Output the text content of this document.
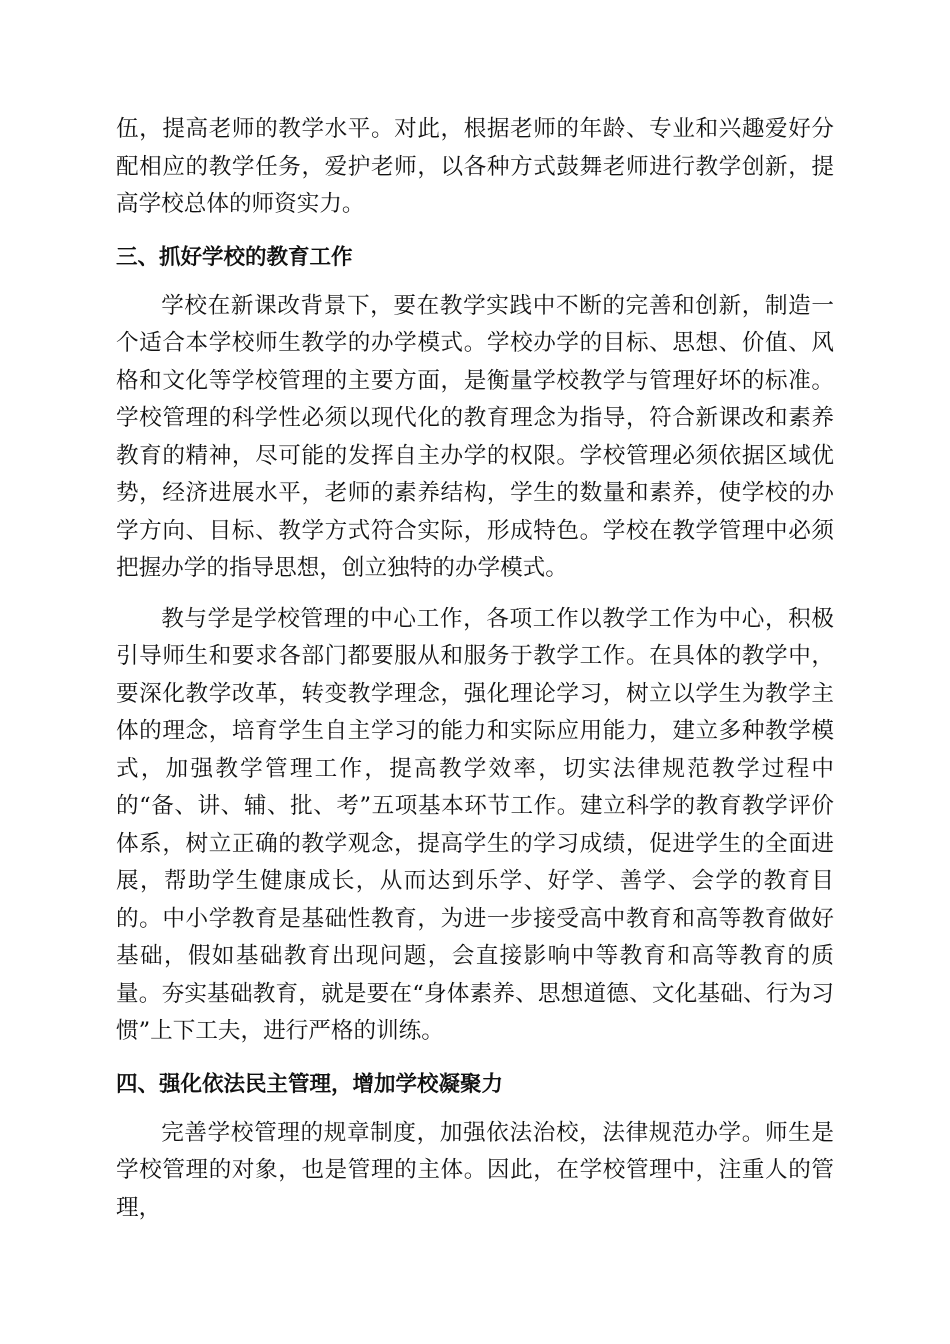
伍，提高老师的教学水平。对此，根据老师的年龄、专业和兴趣爱好分配相应的教学任务，爱护老师，以各种方式鼓舞老师进行教学创新，提高学校总体的师资实力。

三、抓好学校的教育工作

学校在新课改背景下，要在教学实践中不断的完善和创新，制造一个适合本学校师生教学的办学模式。学校办学的目标、思想、价值、风格和文化等学校管理的主要方面，是衡量学校教学与管理好坏的标准。学校管理的科学性必须以现代化的教育理念为指导，符合新课改和素养教育的精神，尽可能的发挥自主办学的权限。学校管理必须依据区域优势，经济进展水平，老师的素养结构，学生的数量和素养，使学校的办学方向、目标、教学方式符合实际，形成特色。学校在教学管理中必须把握办学的指导思想，创立独特的办学模式。

教与学是学校管理的中心工作，各项工作以教学工作为中心，积极引导师生和要求各部门都要服从和服务于教学工作。在具体的教学中，要深化教学改革，转变教学理念，强化理论学习，树立以学生为教学主体的理念，培育学生自主学习的能力和实际应用能力，建立多种教学模式，加强教学管理工作，提高教学效率，切实法律规范教学过程中的“备、讲、辅、批、考”五项基本环节工作。建立科学的教育教学评价体系，树立正确的教学观念，提高学生的学习成绩，促进学生的全面进展，帮助学生健康成长，从而达到乐学、好学、善学、会学的教育目的。中小学教育是基础性教育，为进一步接受高中教育和高等教育做好基础，假如基础教育出现问题，会直接影响中等教育和高等教育的质量。夯实基础教育，就是要在“身体素养、思想道德、文化基础、行为习惯”上下工夫，进行严格的训练。

四、强化依法民主管理，增加学校凝聚力

完善学校管理的规章制度，加强依法治校，法律规范办学。师生是学校管理的对象，也是管理的主体。因此，在学校管理中，注重人的管理，
